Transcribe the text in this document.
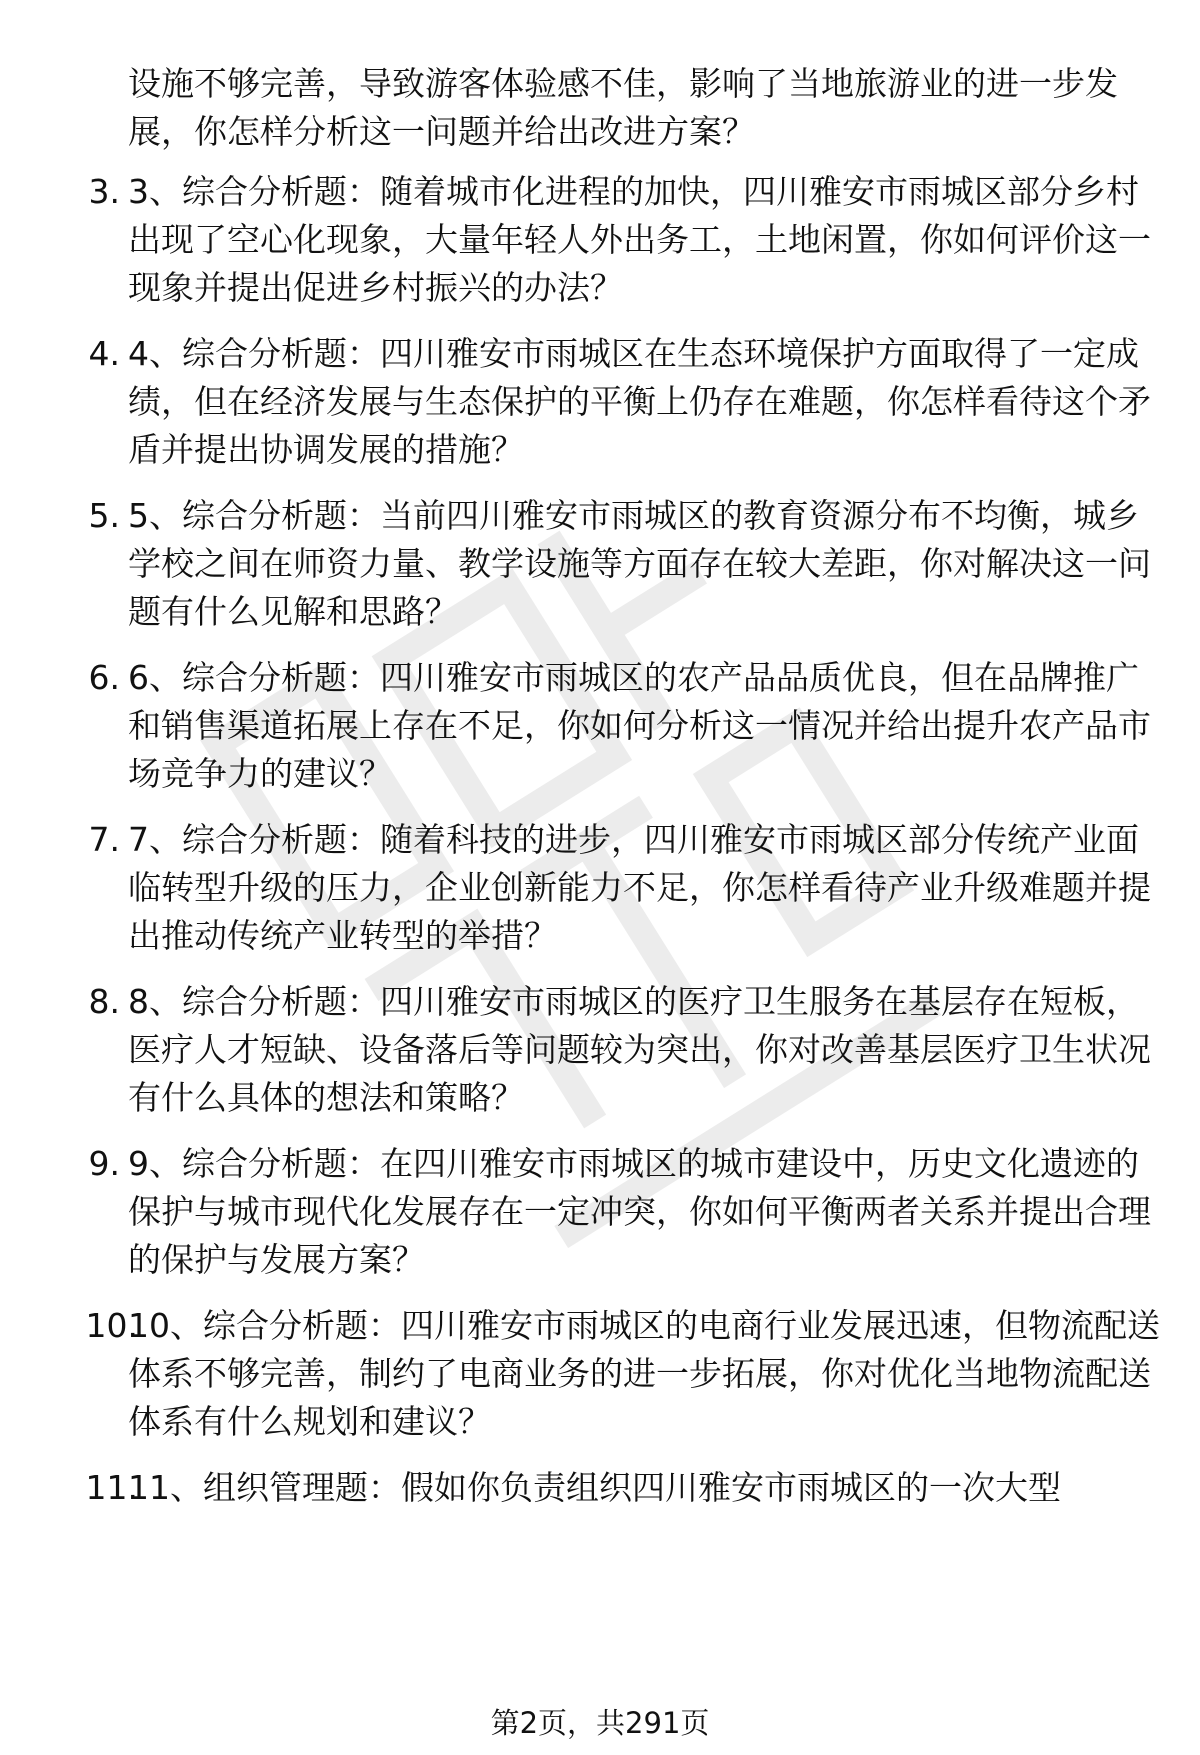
设施不够完善，导致游客体验感不佳，影响了当地旅游业的进一步发展，你怎样分析这一问题并给出改进方案？

3. 3、综合分析题：随着城市化进程的加快，四川雅安市雨城区部分乡村出现了空心化现象，大量年轻人外出务工，土地闲置，你如何评价这一现象并提出促进乡村振兴的办法？

4. 4、综合分析题：四川雅安市雨城区在生态环境保护方面取得了一定成绩，但在经济发展与生态保护的平衡上仍存在难题，你怎样看待这个矛盾并提出协调发展的措施？

5. 5、综合分析题：当前四川雅安市雨城区的教育资源分布不均衡，城乡学校之间在师资力量、教学设施等方面存在较大差距，你对解决这一问题有什么见解和思路？

6. 6、综合分析题：四川雅安市雨城区的农产品品质优良，但在品牌推广和销售渠道拓展上存在不足，你如何分析这一情况并给出提升农产品市场竞争力的建议？

7. 7、综合分析题：随着科技的进步，四川雅安市雨城区部分传统产业面临转型升级的压力，企业创新能力不足，你怎样看待产业升级难题并提出推动传统产业转型的举措？

8. 8、综合分析题：四川雅安市雨城区的医疗卫生服务在基层存在短板，医疗人才短缺、设备落后等问题较为突出，你对改善基层医疗卫生状况有什么具体的想法和策略？

9. 9、综合分析题：在四川雅安市雨城区的城市建设中，历史文化遗迹的保护与城市现代化发展存在一定冲突，你如何平衡两者关系并提出合理的保护与发展方案？

10.

10、综合分析题：四川雅安市雨城区的电商行业发展迅速，但物流配送体系不够完善，制约了电商业务的进一步拓展，你对优化当地物流配送体系有什么规划和建议？

11.

11、组织管理题：假如你负责组织四川雅安市雨城区的一次大型

第2页，共291页
